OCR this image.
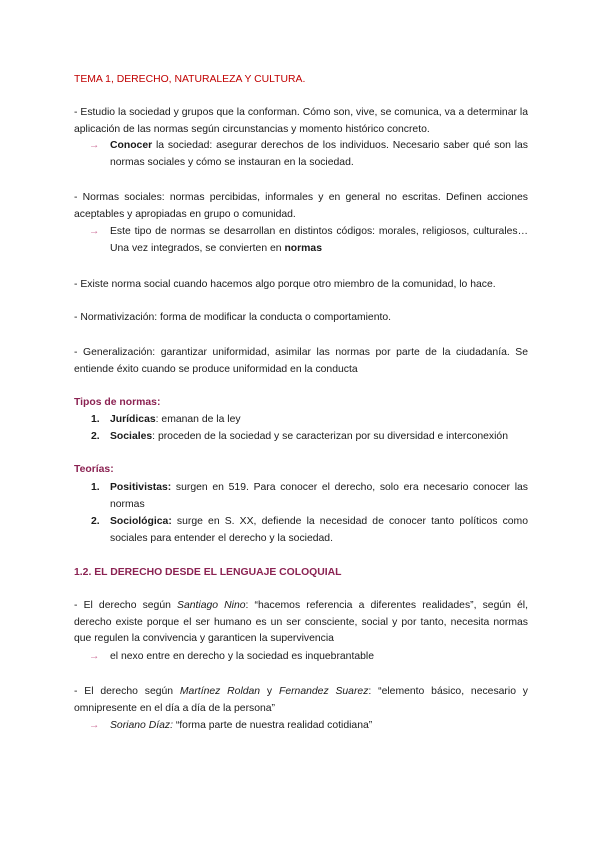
TEMA 1, DERECHO, NATURALEZA Y CULTURA.
- Estudio la sociedad y grupos que la conforman. Cómo son, vive, se comunica, va a determinar la aplicación de las normas según circunstancias y momento histórico concreto.
→ Conocer la sociedad: asegurar derechos de los individuos. Necesario saber qué son las normas sociales y cómo se instauran en la sociedad.
- Normas sociales: normas percibidas, informales y en general no escritas. Definen acciones aceptables y apropiadas en grupo o comunidad.
→ Este tipo de normas se desarrollan en distintos códigos: morales, religiosos, culturales… Una vez integrados, se convierten en normas
- Existe norma social cuando hacemos algo porque otro miembro de la comunidad, lo hace.
- Normativización: forma de modificar la conducta o comportamiento.
- Generalización: garantizar uniformidad, asimilar las normas por parte de la ciudadanía. Se entiende éxito cuando se produce uniformidad en la conducta
Tipos de normas:
1. Jurídicas: emanan de la ley
2. Sociales: proceden de la sociedad y se caracterizan por su diversidad e interconexión
Teorías:
1. Positivistas: surgen en 519. Para conocer el derecho, solo era necesario conocer las normas
2. Sociológica: surge en S. XX, defiende la necesidad de conocer tanto políticos como sociales para entender el derecho y la sociedad.
1.2. EL DERECHO DESDE EL LENGUAJE COLOQUIAL
- El derecho según Santiago Nino: “hacemos referencia a diferentes realidades”, según él, derecho existe porque el ser humano es un ser consciente, social y por tanto, necesita normas que regulen la convivencia y garanticen la supervivencia
→ el nexo entre en derecho y la sociedad es inquebrantable
- El derecho según Martínez Roldan y Fernandez Suarez: “elemento básico, necesario y omnipresente en el día a día de la persona”
→ Soriano Díaz: “forma parte de nuestra realidad cotidiana”
